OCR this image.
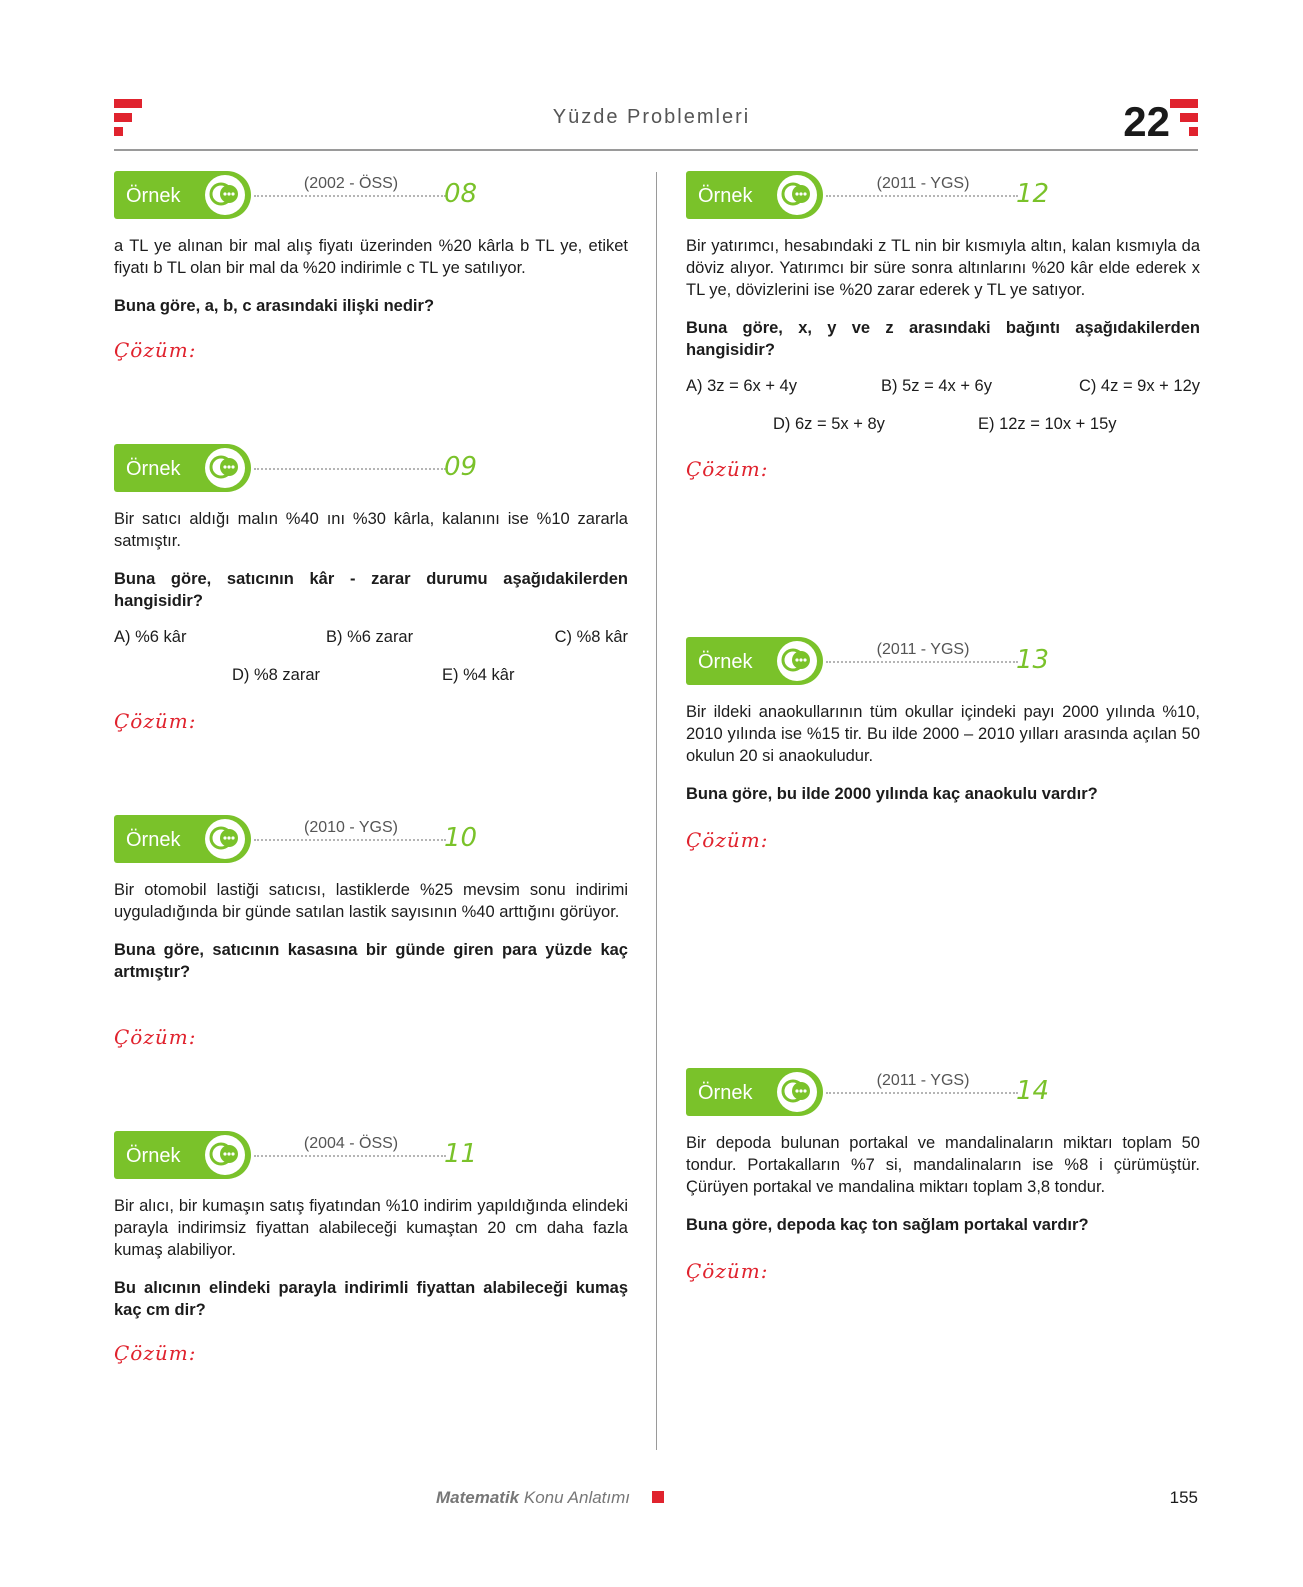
Yüzde Problemleri	22
Örnek
(2002 - ÖSS)	08
a TL ye alınan bir mal alış fiyatı üzerinden %20 kârla b TL ye, etiket fiyatı b TL olan bir mal da %20 indirimle c TL ye satılıyor.
Buna göre, a, b, c arasındaki ilişki nedir?
Çözüm:
Örnek	09
Bir satıcı aldığı malın %40 ını %30 kârla, kalanını ise %10 zararla satmıştır.
Buna göre, satıcının kâr - zarar durumu aşağıdakilerden hangisidir?
A) %6 kâr	B) %6 zarar	C) %8 kâr
D) %8 zarar	E) %4 kâr
Çözüm:
Örnek
(2010 - YGS)	10
Bir otomobil lastiği satıcısı, lastiklerde %25 mevsim sonu indirimi uyguladığında bir günde satılan lastik sayısının %40 arttığını görüyor.
Buna göre, satıcının kasasına bir günde giren para yüzde kaç artmıştır?
Çözüm:
Örnek
(2004 - ÖSS)	11
Bir alıcı, bir kumaşın satış fiyatından %10 indirim yapıldığında elindeki parayla indirimsiz fiyattan alabileceği kumaştan 20 cm daha fazla kumaş alabiliyor.
Bu alıcının elindeki parayla indirimli fiyattan alabileceği kumaş kaç cm dir?
Çözüm:
Örnek
(2011 - YGS)	12
Bir yatırımcı, hesabındaki z TL nin bir kısmıyla altın, kalan kısmıyla da döviz alıyor. Yatırımcı bir süre sonra altınlarını %20 kâr elde ederek x TL ye, dövizlerini ise %20 zarar ederek y TL ye satıyor.
Buna göre, x, y ve z arasındaki bağıntı aşağıdakilerden hangisidir?
A) 3z = 6x + 4y	B) 5z = 4x + 6y	C) 4z = 9x + 12y
D) 6z = 5x + 8y	E) 12z = 10x + 15y
Çözüm:
Örnek
(2011 - YGS)	13
Bir ildeki anaokullarının tüm okullar içindeki payı 2000 yılında %10, 2010 yılında ise %15 tir. Bu ilde 2000 – 2010 yılları arasında açılan 50 okulun 20 si anaokuludur.
Buna göre, bu ilde 2000 yılında kaç anaokulu vardır?
Çözüm:
Örnek
(2011 - YGS)	14
Bir depoda bulunan portakal ve mandalinaların miktarı toplam 50 tondur. Portakalların %7 si, mandalinaların ise %8 i çürümüştür. Çürüyen portakal ve mandalina miktarı toplam 3,8 tondur.
Buna göre, depoda kaç ton sağlam portakal vardır?
Çözüm:
Matematik Konu Anlatımı	155
